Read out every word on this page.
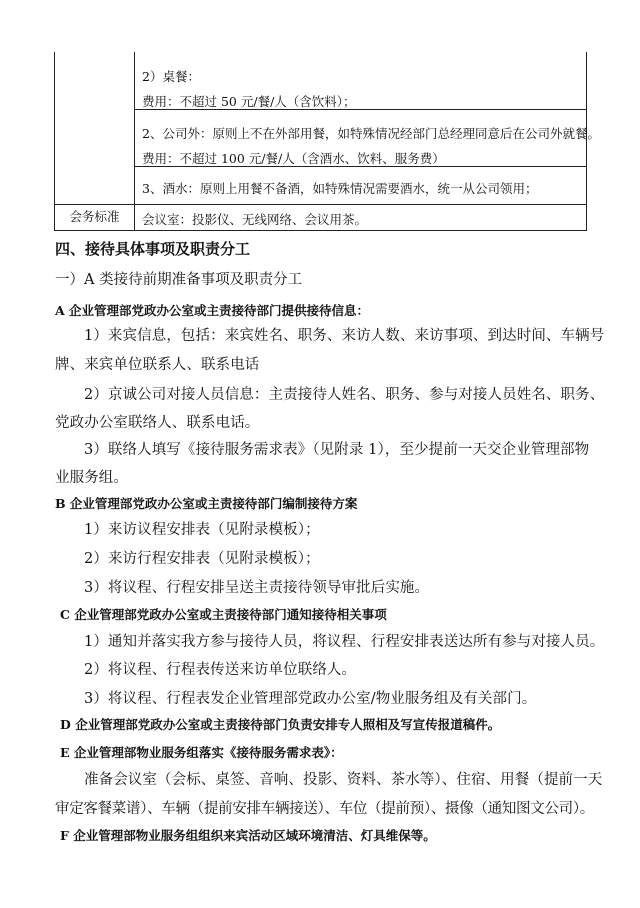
2）桌餐：
费用：不超过 50 元/餐/人（含饮料）；
2、公司外：原则上不在外部用餐，如特殊情况经部门总经理同意后在公司外就餐。
费用：不超过 100 元/餐/人（含酒水、饮料、服务费）
3、酒水：原则上用餐不备酒，如特殊情况需要酒水，统一从公司领用；
会议室：投影仪、无线网络、会议用茶。
会务标准
四、接待具体事项及职责分工
一）A 类接待前期准备事项及职责分工
A 企业管理部党政办公室或主责接待部门提供接待信息：
1）来宾信息，包括：来宾姓名、职务、来访人数、来访事项、到达时间、车辆号
牌、来宾单位联系人、联系电话
2）京诚公司对接人员信息：主责接待人姓名、职务、参与对接人员姓名、职务、
党政办公室联络人、联系电话。
3）联络人填写《接待服务需求表》（见附录 1），至少提前一天交企业管理部物
业服务组。
B 企业管理部党政办公室或主责接待部门编制接待方案
1）来访议程安排表（见附录模板）；
2）来访行程安排表（见附录模板）；
3）将议程、行程安排呈送主责接待领导审批后实施。
C 企业管理部党政办公室或主责接待部门通知接待相关事项
1）通知并落实我方参与接待人员，将议程、行程安排表送达所有参与对接人员。
2）将议程、行程表传送来访单位联络人。
3）将议程、行程表发企业管理部党政办公室/物业服务组及有关部门。
D 企业管理部党政办公室或主责接待部门负责安排专人照相及写宣传报道稿件。
E 企业管理部物业服务组落实《接待服务需求表》：
准备会议室（会标、桌签、音响、投影、资料、茶水等）、住宿、用餐（提前一天
审定客餐菜谱）、车辆（提前安排车辆接送）、车位（提前预）、摄像（通知图文公司）。
F 企业管理部物业服务组组织来宾活动区域环境清洁、灯具维保等。
